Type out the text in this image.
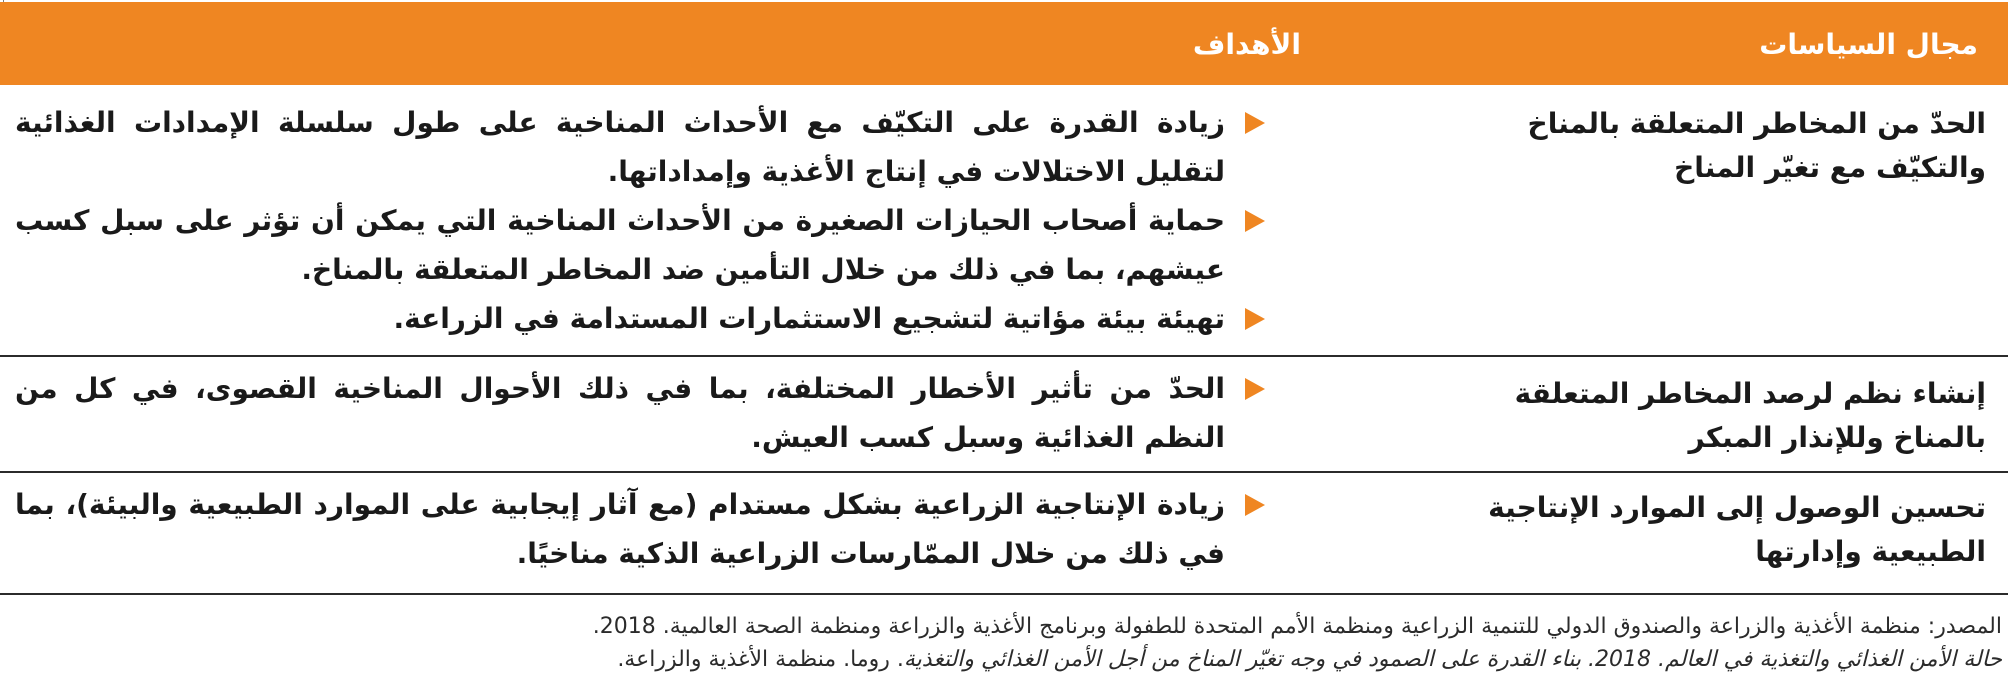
مجال السياسات
الأهداف
الحدّ من المخاطر المتعلقة بالمناخ والتكيّف مع تغيّر المناخ
زيادة القدرة على التكيّف مع الأحداث المناخية على طول سلسلة الإمدادات الغذائية لتقليل الاختلالات في إنتاج الأغذية وإمداداتها.
حماية أصحاب الحيازات الصغيرة من الأحداث المناخية التي يمكن أن تؤثر على سبل كسب عيشهم، بما في ذلك من خلال التأمين ضد المخاطر المتعلقة بالمناخ.
تهيئة بيئة مؤاتية لتشجيع الاستثمارات المستدامة في الزراعة.
إنشاء نظم لرصد المخاطر المتعلقة بالمناخ وللإنذار المبكر
الحدّ من تأثير الأخطار المختلفة، بما في ذلك الأحوال المناخية القصوى، في كل من النظم الغذائية وسبل كسب العيش.
تحسين الوصول إلى الموارد الإنتاجية الطبيعية وإدارتها
زيادة الإنتاجية الزراعية بشكل مستدام (مع آثار إيجابية على الموارد الطبيعية والبيئة)، بما في ذلك من خلال الممّارسات الزراعية الذكية مناخيًا.
المصدر: منظمة الأغذية والزراعة والصندوق الدولي للتنمية الزراعية ومنظمة الأمم المتحدة للطفولة وبرنامج الأغذية والزراعة ومنظمة الصحة العالمية. 2018.
حالة الأمن الغذائي والتغذية في العالم. 2018. بناء القدرة على الصمود في وجه تغيّر المناخ من أجل الأمن الغذائي والتغذية. روما. منظمة الأغذية والزراعة.
